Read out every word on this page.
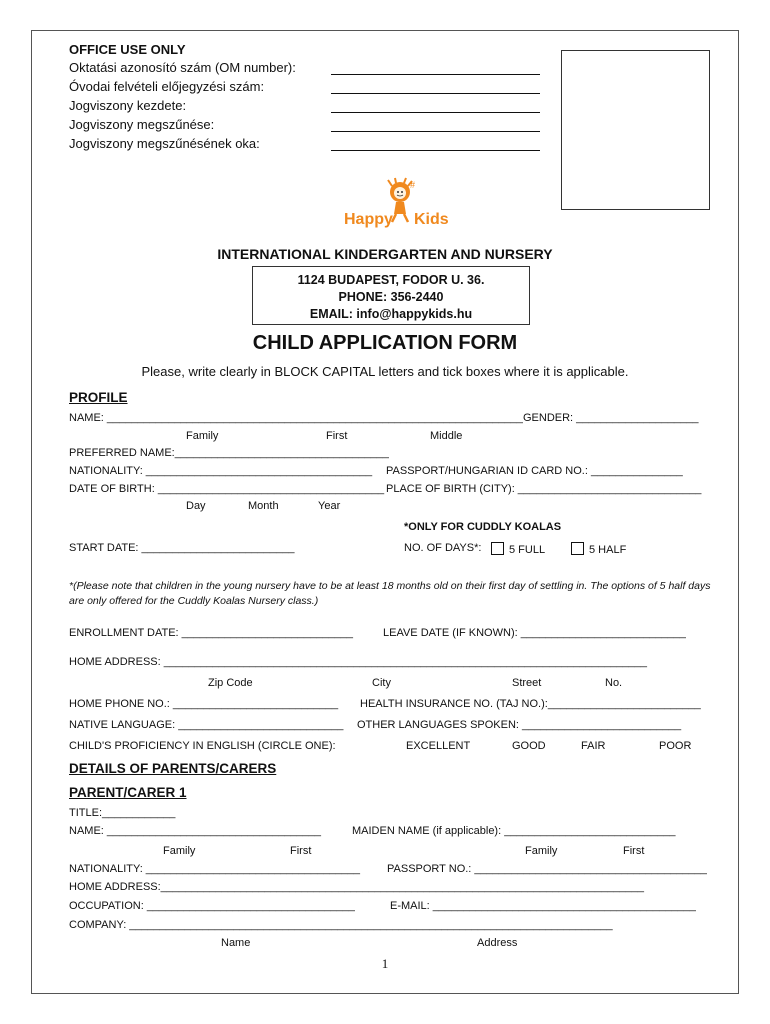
OFFICE USE ONLY
Oktatási azonosító szám (OM number):
Óvodai felvételi előjegyzési szám:
Jogviszony kezdete:
Jogviszony megszűnése:
Jogviszony megszűnésének oka:
#
Happy Kids
INTERNATIONAL KINDERGARTEN AND NURSERY
1124 BUDAPEST, FODOR U. 36.
PHONE: 356-2440
EMAIL: info@happykids.hu
CHILD APPLICATION FORM
Please, write clearly in BLOCK CAPITAL letters and tick boxes where it is applicable.
PROFILE
NAME: ____________________________________________________________________ GENDER: ____________________
Family	First	Middle
PREFERRED NAME:___________________________________
NATIONALITY: _____________________________________ PASSPORT/HUNGARIAN ID CARD NO.: _______________
DATE OF BIRTH: _____________________________________ PLACE OF BIRTH (CITY): ______________________________
Day	Month	Year
*ONLY FOR CUDDLY KOALAS
START DATE: _________________________	NO. OF DAYS*:	5 FULL	5 HALF
*(Please note that children in the young nursery have to be at least 18 months old on their first day of settling in. The options of 5 half days are only offered for the Cuddly Koalas Nursery class.)
ENROLLMENT DATE: ____________________________	LEAVE DATE (IF KNOWN): ___________________________
HOME ADDRESS: _______________________________________________________________________________
Zip Code	City	Street	No.
HOME PHONE NO.: ___________________________ HEALTH INSURANCE NO. (TAJ NO.):_________________________
NATIVE LANGUAGE: ___________________________ OTHER LANGUAGES SPOKEN: __________________________
CHILD'S PROFICIENCY IN ENGLISH (CIRCLE ONE):	EXCELLENT	GOOD	FAIR	POOR
DETAILS OF PARENTS/CARERS
PARENT/CARER 1
TITLE:____________
NAME: ___________________________________	MAIDEN NAME (if applicable): ____________________________
Family	First	Family	First
NATIONALITY: ___________________________________ PASSPORT NO.: ______________________________________
HOME ADDRESS:_______________________________________________________________________________
OCCUPATION: __________________________________	E-MAIL: ___________________________________________
COMPANY: _______________________________________________________________________________
Name	Address
1
